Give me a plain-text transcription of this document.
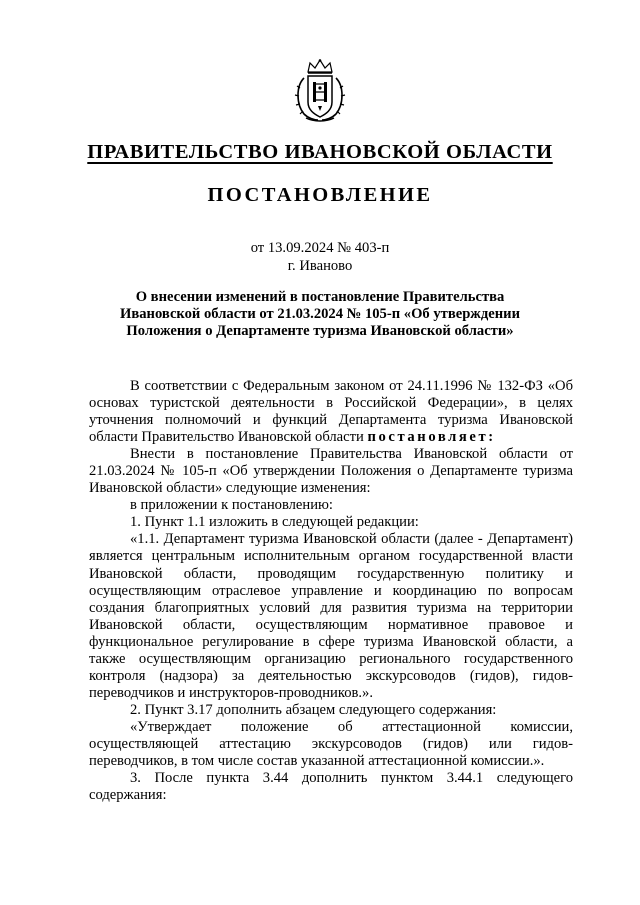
ПРАВИТЕЛЬСТВО ИВАНОВСКОЙ ОБЛАСТИ
ПОСТАНОВЛЕНИЕ
от 13.09.2024 № 403-п
г. Иваново
О внесении изменений в постановление Правительства
Ивановской области от 21.03.2024 № 105-п «Об утверждении
Положения о Департаменте туризма Ивановской области»

В соответствии с Федеральным законом от 24.11.1996 № 132-ФЗ «Об основах туристской деятельности в Российской Федерации», в целях уточнения полномочий и функций Департамента туризма Ивановской области Правительство Ивановской области постановляет:

Внести в постановление Правительства Ивановской области от 21.03.2024 № 105-п «Об утверждении Положения о Департаменте туризма Ивановской области» следующие изменения:

в приложении к постановлению:

1. Пункт 1.1 изложить в следующей редакции:

«1.1. Департамент туризма Ивановской области (далее - Департамент) является центральным исполнительным органом государственной власти Ивановской области, проводящим государственную политику и осуществляющим отраслевое управление и координацию по вопросам создания благоприятных условий для развития туризма на территории Ивановской области, осуществляющим нормативное правовое и функциональное регулирование в сфере туризма Ивановской области, а также осуществляющим организацию регионального государственного контроля (надзора) за деятельностью экскурсоводов (гидов), гидов-переводчиков и инструкторов-проводников.».

2. Пункт 3.17 дополнить абзацем следующего содержания:

«Утверждает положение об аттестационной комиссии, осуществляющей аттестацию экскурсоводов (гидов) или гидов-переводчиков, в том числе состав указанной аттестационной комиссии.».

3. После пункта 3.44 дополнить пунктом 3.44.1 следующего содержания:
